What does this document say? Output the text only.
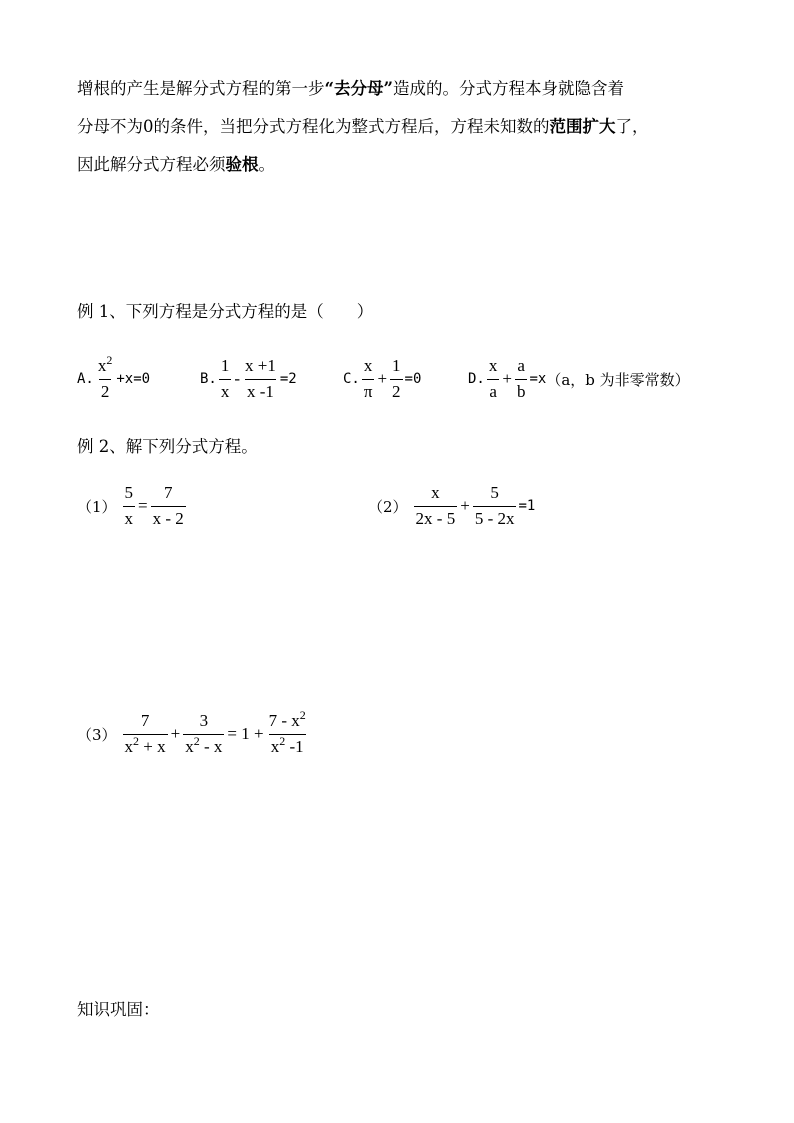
增根的产生是解分式方程的第一步“去分母”造成的。分式方程本身就隐含着
分母不为0的条件，当把分式方程化为整式方程后，方程未知数的范围扩大了，
因此解分式方程必须验根。
例 1、下列方程是分式方程的是（　　）
A. $\frac{x^2}{2} +x=0$	B. $\frac{1}{x} - \frac{x +1}{x -1} =2$	C. $\frac{x}{\pi} + \frac{1}{2} =0$	D. $\frac{x}{a} + \frac{a}{b} =x$ （a，b 为非零常数）
例 2、解下列分式方程。
$(1) \frac{5}{x} = \frac{7}{x - 2}$	$(2) \frac{x}{2x - 5} + \frac{5}{5 - 2x} =1$
$(3) \frac{7}{x^2 + x} + \frac{3}{x^2 - x} = 1 + \frac{7 - x^2}{x^2 -1}$
知识巩固：
